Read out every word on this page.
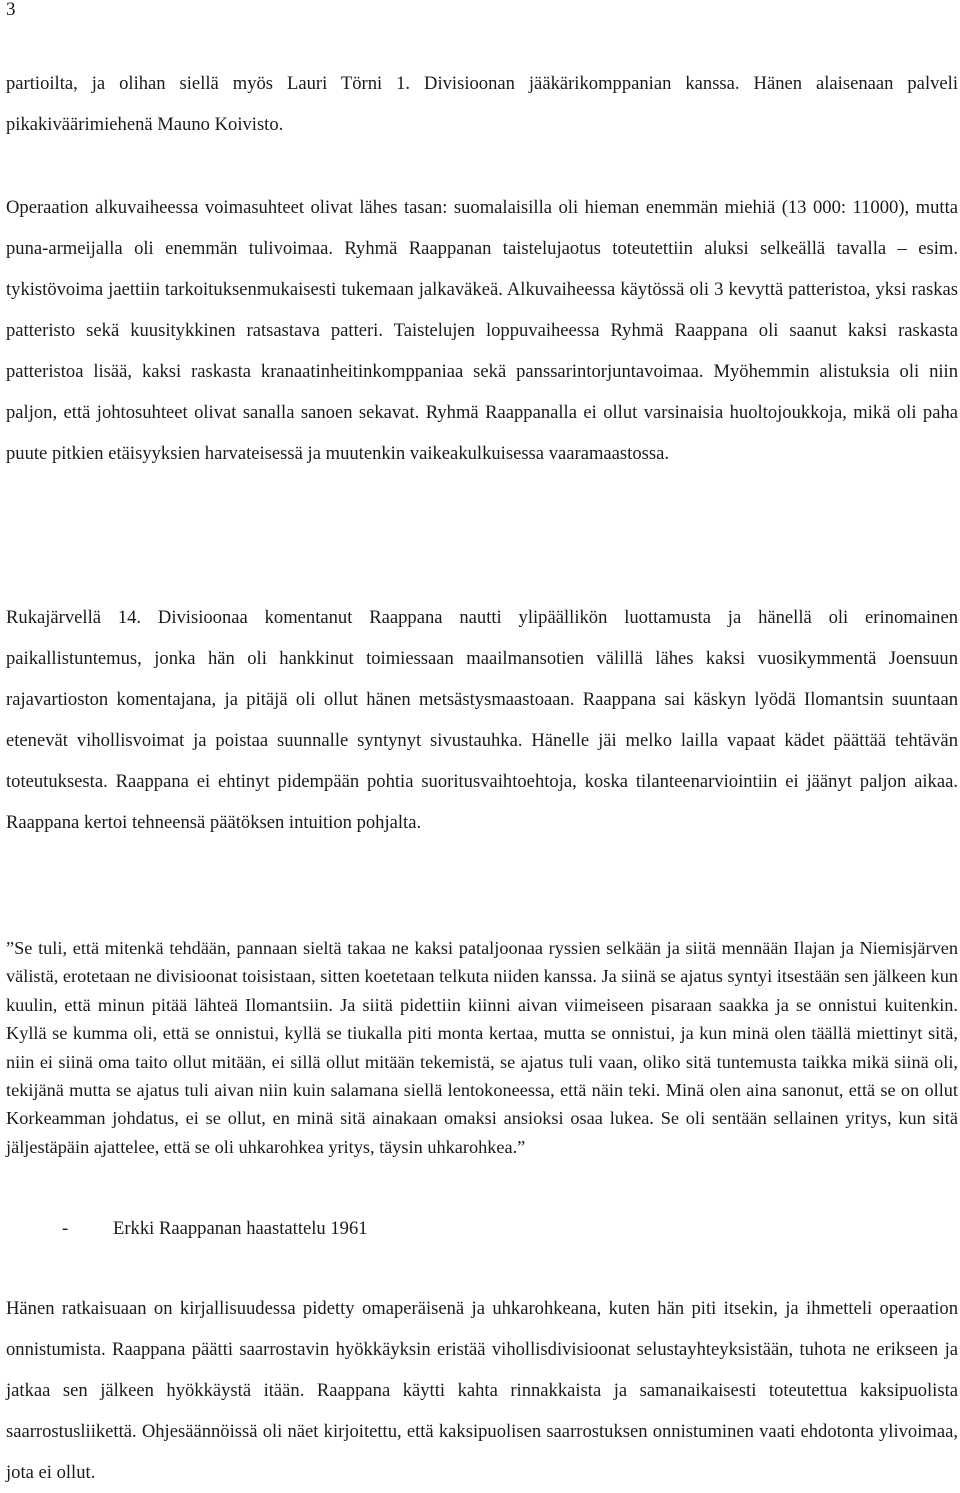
3

partioilta, ja olihan siellä myös Lauri Törni 1. Divisioonan jääkärikomppanian kanssa. Hänen alaisenaan palveli pikakiväärimiehenä Mauno Koivisto.

Operaation alkuvaiheessa voimasuhteet olivat lähes tasan: suomalaisilla oli hieman enemmän miehiä (13 000: 11000), mutta puna-armeijalla oli enemmän tulivoimaa. Ryhmä Raappanan taistelujaotus toteutettiin aluksi selkeällä tavalla – esim. tykistövoima jaettiin tarkoituksenmukaisesti tukemaan jalkaväkeä. Alkuvaiheessa käytössä oli 3 kevyttä patteristoa, yksi raskas patteristo sekä kuusitykkinen ratsastava patteri. Taistelujen loppuvaiheessa Ryhmä Raappana oli saanut kaksi raskasta patteristoa lisää, kaksi raskasta kranaatinheitinkomppaniaa sekä panssarintorjuntavoimaa. Myöhemmin alistuksia oli niin paljon, että johtosuhteet olivat sanalla sanoen sekavat. Ryhmä Raappanalla ei ollut varsinaisia huoltojoukkoja, mikä oli paha puute pitkien etäisyyksien harvateisessä ja muutenkin vaikeakulkuisessa vaaramaastossa.

Rukajärvellä 14. Divisioonaa komentanut Raappana nautti ylipäällikön luottamusta ja hänellä oli erinomainen paikallistuntemus, jonka hän oli hankkinut toimiessaan maailmansotien välillä lähes kaksi vuosikymmentä Joensuun rajavartioston komentajana, ja pitäjä oli ollut hänen metsästysmaastoaan. Raappana sai käskyn lyödä Ilomantsin suuntaan etenevät vihollisvoimat ja poistaa suunnalle syntynyt sivustauhka. Hänelle jäi melko lailla vapaat kädet päättää tehtävän toteutuksesta. Raappana ei ehtinyt pidempään pohtia suoritusvaihtoehtoja, koska tilanteenarviointiin ei jäänyt paljon aikaa. Raappana kertoi tehneensä päätöksen intuition pohjalta.

”Se tuli, että mitenkä tehdään, pannaan sieltä takaa ne kaksi pataljoonaa ryssien selkään ja siitä mennään Ilajan ja Niemisjärven välistä, erotetaan ne divisioonat toisistaan, sitten koetetaan telkuta niiden kanssa. Ja siinä se ajatus syntyi itsestään sen jälkeen kun kuulin, että minun pitää lähteä Ilomantsiin. Ja siitä pidettiin kiinni aivan viimeiseen pisaraan saakka ja se onnistui kuitenkin. Kyllä se kumma oli, että se onnistui, kyllä se tiukalla piti monta kertaa, mutta se onnistui, ja kun minä olen täällä miettinyt sitä, niin ei siinä oma taito ollut mitään, ei sillä ollut mitään tekemistä, se ajatus tuli vaan, oliko sitä tuntemusta taikka mikä siinä oli, tekijänä mutta se ajatus tuli aivan niin kuin salamana siellä lentokoneessa, että näin teki. Minä olen aina sanonut, että se on ollut Korkeamman johdatus, ei se ollut, en minä sitä ainakaan omaksi ansioksi osaa lukea. Se oli sentään sellainen yritys, kun sitä jäljestäpäin ajattelee, että se oli uhkarohkea yritys, täysin uhkarohkea.”

- Erkki Raappanan haastattelu 1961

Hänen ratkaisuaan on kirjallisuudessa pidetty omaperäisenä ja uhkarohkeana, kuten hän piti itsekin, ja ihmetteli operaation onnistumista. Raappana päätti saarrostavin hyökkäyksin eristää vihollisdivisioonat selustayhteyksistään, tuhota ne erikseen ja jatkaa sen jälkeen hyökkäystä itään. Raappana käytti kahta rinnakkaista ja samanaikaisesti toteutettua kaksipuolista saarrostusliikettä. Ohjesäännöissä oli näet kirjoitettu, että kaksipuolisen saarrostuksen onnistuminen vaati ehdotonta ylivoimaa, jota ei ollut.
